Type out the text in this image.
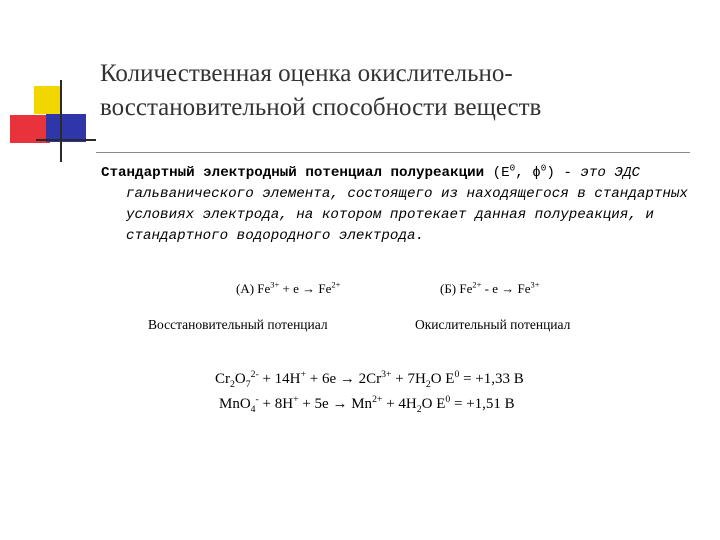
Количественная оценка окислительно-
восстановительной способности веществ
Стандартный электродный потенциал полуреакции ($E^0$, $\phi^0$) - это ЭДС
гальванического элемента, состоящего из находящегося в стандартных
условиях электрода, на котором протекает данная полуреакция, и
стандартного водородного электрода.
(А) $Fe^{3+} + е \to Fe^{2+}$	(Б) $Fe^{2+} - е \to Fe^{3+}$
Восстановительный потенциал	Окислительный потенциал
$Cr_2O_7^{2-} + 14H^+ + 6e \to 2Cr^{3+} + 7H_2O$ $E^0 = +1,33$ В
$MnO_4^- + 8H^+ + 5e \to Mn^{2+} + 4H_2O$ $E^0 = +1,51$ В
